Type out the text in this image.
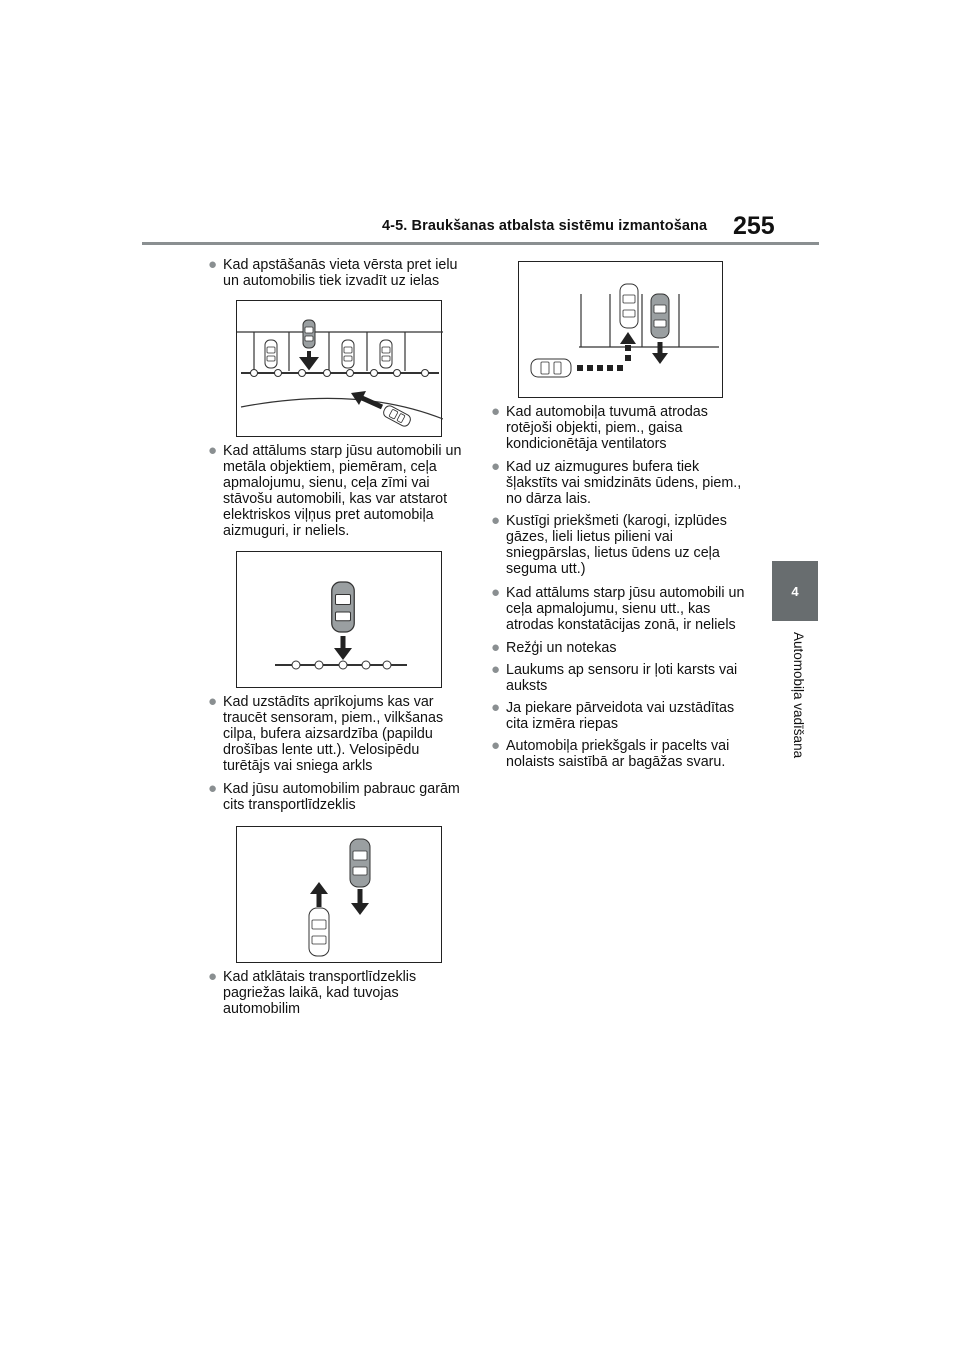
4-5. Braukšanas atbalsta sistēmu izmantošana 255
4
Automobiļa vadīšana
● Kad apstāšanās vieta vērsta pret ielu
un automobilis tiek izvadīt uz ielas
● Kad attālums starp jūsu automobili un
metāla objektiem, piemēram, ceļa
apmalojumu, sienu, ceļa zīmi vai
stāvošu automobili, kas var atstarot
elektriskos viļņus pret automobiļa
aizmuguri, ir neliels.
● Kad uzstādīts aprīkojums kas var
traucēt sensoram, piem., vilkšanas
cilpa, bufera aizsardzība (papildu
drošības lente utt.). Velosipēdu
turētājs vai sniega arkls
● Kad jūsu automobilim pabrauc garām
cits transportlīdzeklis
● Kad atklātais transportlīdzeklis
pagriežas laikā, kad tuvojas
automobilim
● Kad automobiļa tuvumā atrodas
rotējoši objekti, piem., gaisa
kondicionētāja ventilators
● Kad uz aizmugures bufera tiek
šļakstīts vai smidzināts ūdens, piem.,
no dārza lais.
● Kustīgi priekšmeti (karogi, izplūdes
gāzes, lieli lietus pilieni vai
sniegpārslas, lietus ūdens uz ceļa
seguma utt.)
● Kad attālums starp jūsu automobili un
ceļa apmalojumu, sienu utt., kas
atrodas konstatācijas zonā, ir neliels
● Režģi un notekas
● Laukums ap sensoru ir ļoti karsts vai
auksts
● Ja piekare pārveidota vai uzstādītas
cita izmēra riepas
● Automobiļa priekšgals ir pacelts vai
nolaists saistībā ar bagāžas svaru.
